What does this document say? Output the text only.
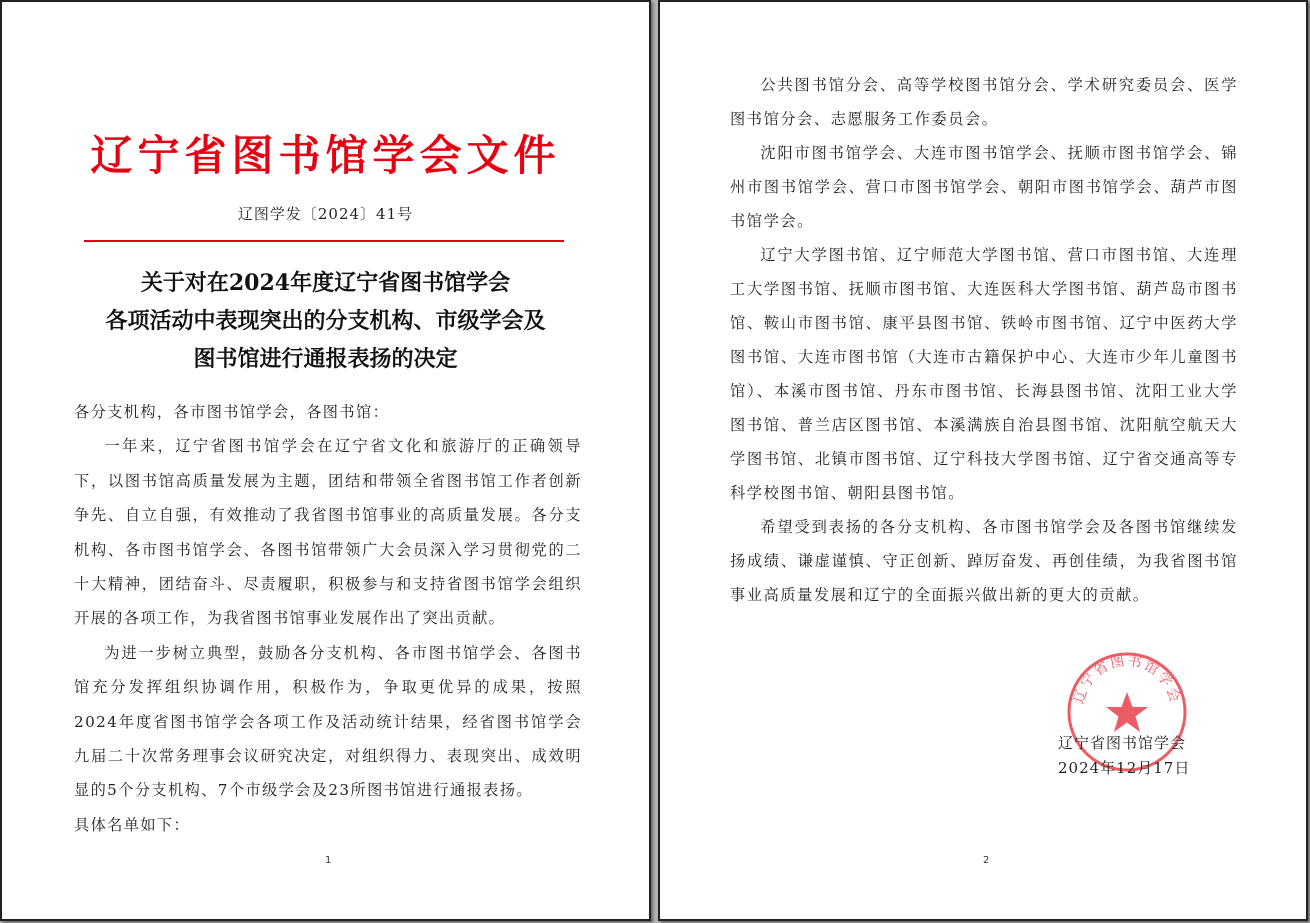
辽宁省图书馆学会文件
辽图学发〔2024〕41号
关于对在2024年度辽宁省图书馆学会
各项活动中表现突出的分支机构、市级学会及
图书馆进行通报表扬的决定

各分支机构，各市图书馆学会，各图书馆：

一年来，辽宁省图书馆学会在辽宁省文化和旅游厅的正确领导下，以图书馆高质量发展为主题，团结和带领全省图书馆工作者创新争先、自立自强，有效推动了我省图书馆事业的高质量发展。各分支机构、各市图书馆学会、各图书馆带领广大会员深入学习贯彻党的二十大精神，团结奋斗、尽责履职，积极参与和支持省图书馆学会组织开展的各项工作，为我省图书馆事业发展作出了突出贡献。

为进一步树立典型，鼓励各分支机构、各市图书馆学会、各图书馆充分发挥组织协调作用，积极作为，争取更优异的成果，按照2024年度省图书馆学会各项工作及活动统计结果，经省图书馆学会九届二十次常务理事会议研究决定，对组织得力、表现突出、成效明显的5个分支机构、7个市级学会及23所图书馆进行通报表扬。

具体名单如下：

1

公共图书馆分会、高等学校图书馆分会、学术研究委员会、医学图书馆分会、志愿服务工作委员会。

沈阳市图书馆学会、大连市图书馆学会、抚顺市图书馆学会、锦州市图书馆学会、营口市图书馆学会、朝阳市图书馆学会、葫芦市图书馆学会。

辽宁大学图书馆、辽宁师范大学图书馆、营口市图书馆、大连理工大学图书馆、抚顺市图书馆、大连医科大学图书馆、葫芦岛市图书馆、鞍山市图书馆、康平县图书馆、铁岭市图书馆、辽宁中医药大学图书馆、大连市图书馆（大连市古籍保护中心、大连市少年儿童图书馆）、本溪市图书馆、丹东市图书馆、长海县图书馆、沈阳工业大学图书馆、普兰店区图书馆、本溪满族自治县图书馆、沈阳航空航天大学图书馆、北镇市图书馆、辽宁科技大学图书馆、辽宁省交通高等专科学校图书馆、朝阳县图书馆。

希望受到表扬的各分支机构、各市图书馆学会及各图书馆继续发扬成绩、谦虚谨慎、守正创新、踔厉奋发、再创佳绩，为我省图书馆事业高质量发展和辽宁的全面振兴做出新的更大的贡献。

辽宁省图书馆学会
辽宁省图书馆学会
2024年12月17日
2
